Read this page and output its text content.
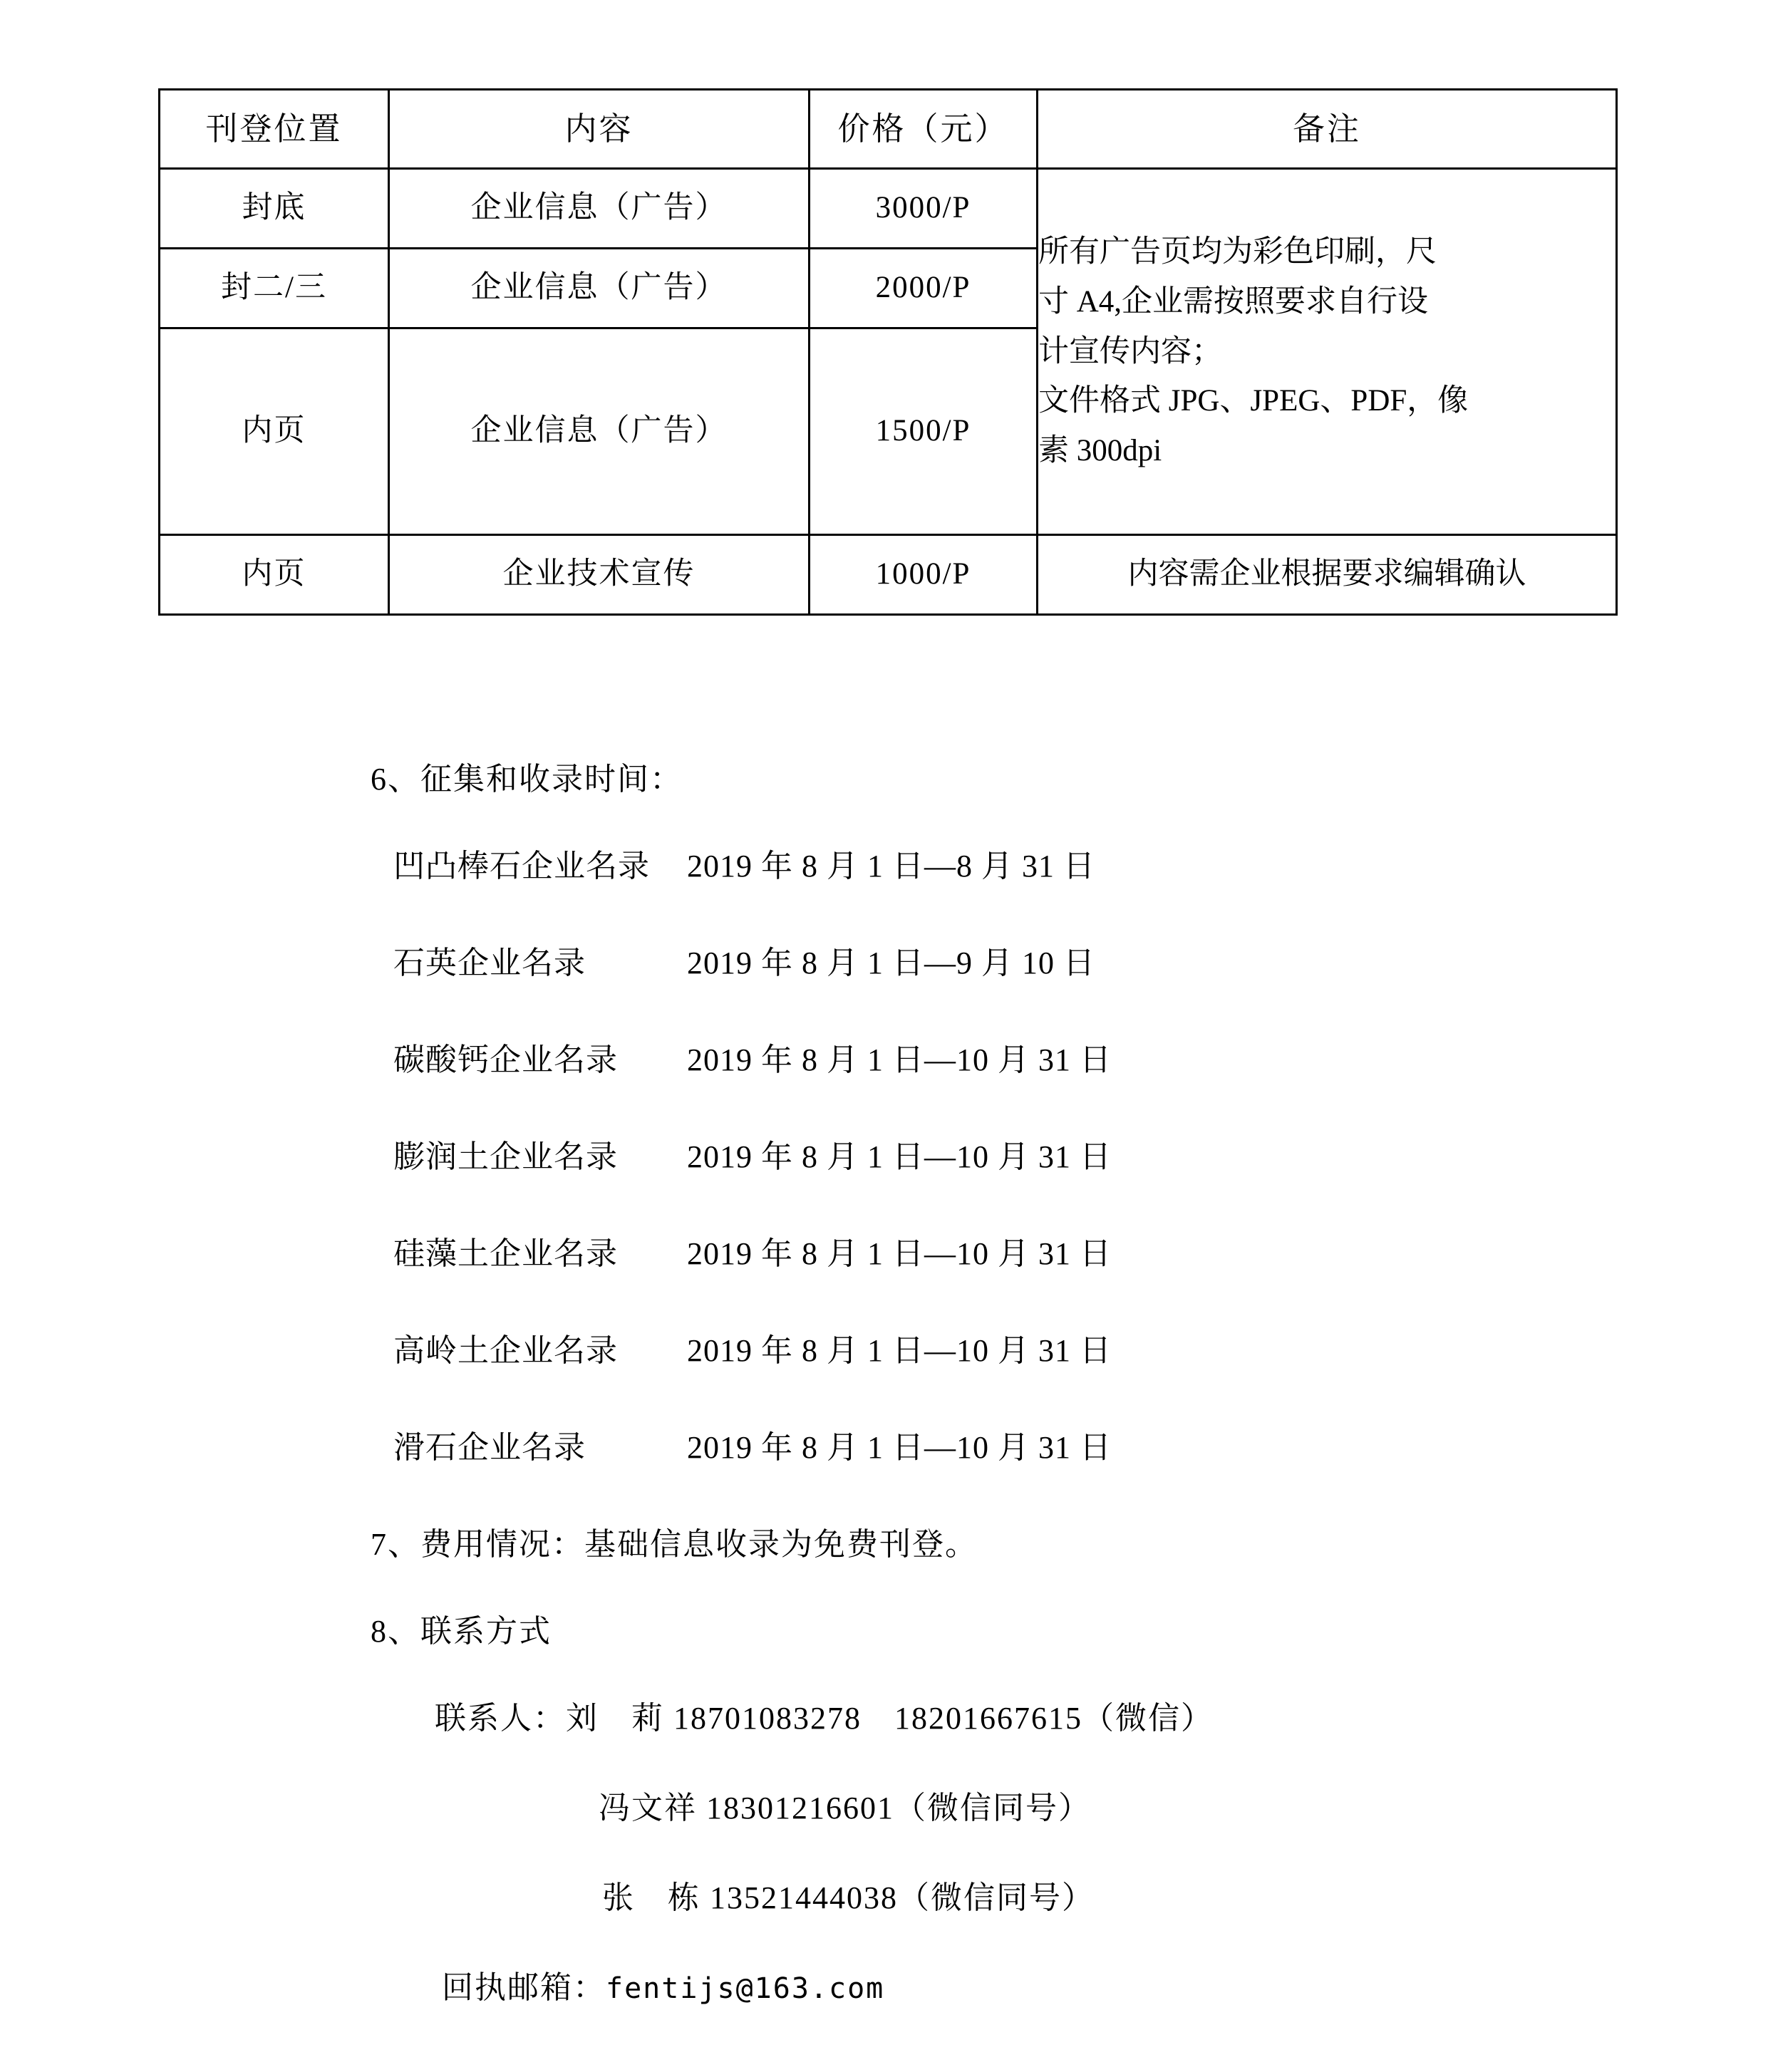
刊登位置	内容	价格（元）	备注
封底	企业信息（广告）	3000/P	所有广告页均为彩色印刷，尺
寸 A4,企业需按照要求自行设
计宣传内容；
文件格式 JPG、JPEG、PDF，像
素 300dpi

封二/三	企业信息（广告）	2000/P	
内页	企业信息（广告）	1500/P	
内页	企业技术宣传	1000/P	内容需企业根据要求编辑确认

6、征集和收录时间：

凹凸棒石企业名录	2019 年 8 月 1 日—8 月 31 日
石英企业名录	2019 年 8 月 1 日—9 月 10 日
碳酸钙企业名录	2019 年 8 月 1 日—10 月 31 日
膨润土企业名录	2019 年 8 月 1 日—10 月 31 日
硅藻土企业名录	2019 年 8 月 1 日—10 月 31 日
高岭土企业名录	2019 年 8 月 1 日—10 月 31 日
滑石企业名录	2019 年 8 月 1 日—10 月 31 日

7、费用情况：基础信息收录为免费刊登。

8、联系方式

联系人：刘　莉 18701083278　18201667615（微信）

冯文祥 18301216601（微信同号）

张　栋 13521444038（微信同号）

回执邮箱：fentijs@163.com
